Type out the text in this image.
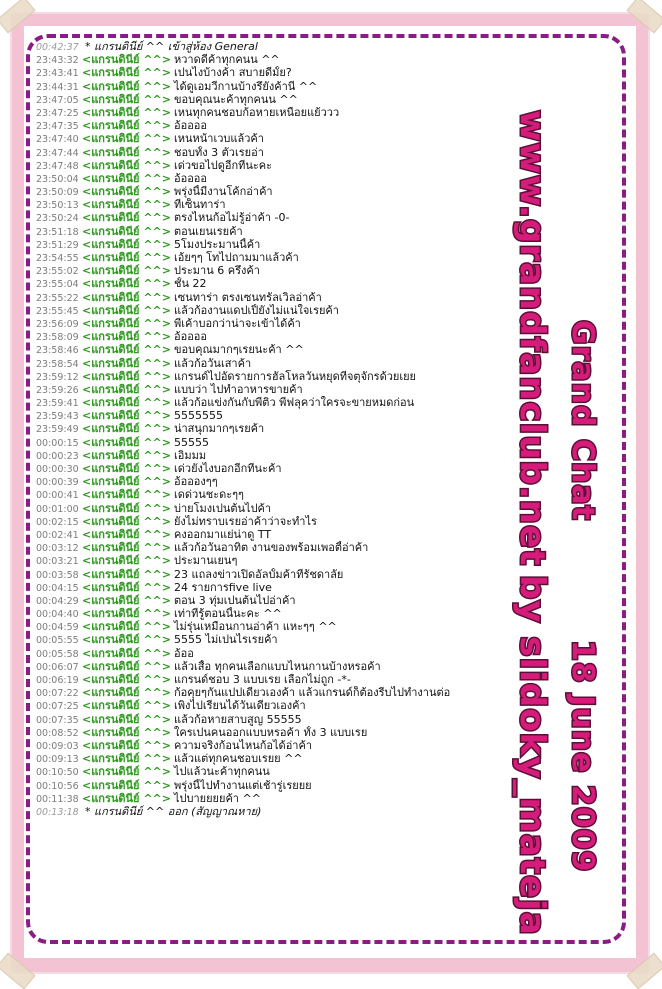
00:42:37 * แกรนดินีย์ ^^ เข้าสู่ห้อง General
23:43:32 <แกรนดินีย์ ^^> หวาดดีค้าทุกคนน ^^
23:43:41 <แกรนดินีย์ ^^> เปนไงบ้างค้า สบายดีมั้ย?
23:44:31 <แกรนดินีย์ ^^> ได้ดูเอมวีกานบ้างรึยังค้านี่ ^^
23:47:05 <แกรนดินีย์ ^^> ขอบคุณนะค้าทุกคนน ^^
23:47:25 <แกรนดินีย์ ^^> เหนทุกคนชอบก้อหายเหนื่อยแย้ววว
23:47:35 <แกรนดินีย์ ^^> อ้ออออ
23:47:40 <แกรนดินีย์ ^^> เหนหน้าเวบแล้วค้า
23:47:44 <แกรนดินีย์ ^^> ชอบทั้ง 3 ตัวเรยอ่า
23:47:48 <แกรนดินีย์ ^^> เด่วขอไปดูอีกทีนะคะ
23:50:04 <แกรนดินีย์ ^^> อ้ออออ
23:50:09 <แกรนดินีย์ ^^> พรุ่งนี้มีงานโค้กอ่าค้า
23:50:13 <แกรนดินีย์ ^^> ที่เซ็นทาร่า
23:50:24 <แกรนดินีย์ ^^> ตรงไหนก้อไม่รู้อ่าค้า -0-
23:51:18 <แกรนดินีย์ ^^> ตอนเยนเรยค้า
23:51:29 <แกรนดินีย์ ^^> 5โมงประมานนี้ค้า
23:54:55 <แกรนดินีย์ ^^> เอ้ยๆๆ โทไปถามมาแล้วค้า
23:55:02 <แกรนดินีย์ ^^> ประมาน 6 ครึ่งค้า
23:55:04 <แกรนดินีย์ ^^> ชั้น 22
23:55:22 <แกรนดินีย์ ^^> เซนทาร่า ตรงเซนทรัลเวิลอ่าค้า
23:55:45 <แกรนดินีย์ ^^> แล้วก้องานแดปเปิ้ยังไม่แน่ใจเรยค้า
23:56:09 <แกรนดินีย์ ^^> พี่เค้าบอกว่าน่าจะเข้าได้ค้า
23:58:09 <แกรนดินีย์ ^^> อ้ออออ
23:58:46 <แกรนดินีย์ ^^> ขอบคุณมากๆเรยนะค้า ^^
23:58:54 <แกรนดินีย์ ^^> แล้วก้อวันเสาค้า
23:59:12 <แกรนดินีย์ ^^> แกรนด์ไปอัดรายการฮัลโหลวันหยุดที่จตุจักรด้วยเยย
23:59:26 <แกรนดินีย์ ^^> แบบว่า ไปทำอาหารขายค้า
23:59:41 <แกรนดินีย์ ^^> แล้วก้อแข่งกันกับพี่ติว พี่ฟลุคว่าใครจะขายหมดก่อน
23:59:43 <แกรนดินีย์ ^^> 5555555
23:59:49 <แกรนดินีย์ ^^> น่าสนุกมากๆเรยค้า
00:00:15 <แกรนดินีย์ ^^> 55555
00:00:23 <แกรนดินีย์ ^^> เอิ่มมม
00:00:30 <แกรนดินีย์ ^^> เด่วยังไงบอกอีกทีนะค้า
00:00:39 <แกรนดินีย์ ^^> อ้ออองๆๆ
00:00:41 <แกรนดินีย์ ^^> เดด่วนชะดะๆๆ
00:01:00 <แกรนดินีย์ ^^> บ่ายโมงเปนต้นไปค้า
00:02:15 <แกรนดินีย์ ^^> ยังไม่ทราบเรยอ่าค้าว่าจะทำไร
00:02:41 <แกรนดินีย์ ^^> คงออกมาแย่น่าดู TT
00:03:12 <แกรนดินีย์ ^^> แล้วก้อวันอาทิต งานของพร้อมเพอตี้อ่าค้า
00:03:21 <แกรนดินีย์ ^^> ประมานเยนๆ
00:03:58 <แกรนดินีย์ ^^> 23 แถลงข่าวเปิดอัลบั้มค้าที่รัชดาลัย
00:04:15 <แกรนดินีย์ ^^> 24 รายการfive live
00:04:29 <แกรนดินีย์ ^^> ตอน 3 ทุ่มเปนต้นไปอ่าค้า
00:04:40 <แกรนดินีย์ ^^> เท่าที่รู้ตอนนี้นะคะ ^^
00:04:59 <แกรนดินีย์ ^^> ไม่รุ่นเหมือนกานอ่าค้า แหะๆๆ ^^
00:05:55 <แกรนดินีย์ ^^> 5555 ไม่เปนไรเรยค้า
00:05:58 <แกรนดินีย์ ^^> อ้ออ
00:06:07 <แกรนดินีย์ ^^> แล้วเสื้อ ทุกคนเลือกแบบไหนกานบ้างหรอค้า
00:06:19 <แกรนดินีย์ ^^> แกรนด์ชอบ 3 แบบเรย เลือกไม่ถูก -*-
00:07:22 <แกรนดินีย์ ^^> ก้อคุยๆกันแปปเดียวเองค้า แล้วแกรนด์ก็ต้องรีบไปทำงานต่อ
00:07:25 <แกรนดินีย์ ^^> เพิ่งไปเรียนได้วันเดียวเองค้า
00:07:35 <แกรนดินีย์ ^^> แล้วก้อหายสาบสูญ 55555
00:08:52 <แกรนดินีย์ ^^> ใครเปนคนออกแบบหรอค้า ทั้ง 3 แบบเรย
00:09:03 <แกรนดินีย์ ^^> ความจริงก้อนไหนก้อได้อ่าค้า
00:09:13 <แกรนดินีย์ ^^> แล้วแต่ทุกคนชอบเรยย ^^
00:10:50 <แกรนดินีย์ ^^> ไปแล้วนะค้าทุกคนน
00:10:56 <แกรนดินีย์ ^^> พรุ่งนี้ไปทำงานแต่เช้ารู่เรยยย
00:11:38 <แกรนดินีย์ ^^> ไปบายยยยค้า ^^
00:13:18 * แกรนดินีย์ ^^ ออก (สัญญาณหาย)
www.grandfanclub.net
by slidoky_mateja
Grand Chat
18 June 2009
